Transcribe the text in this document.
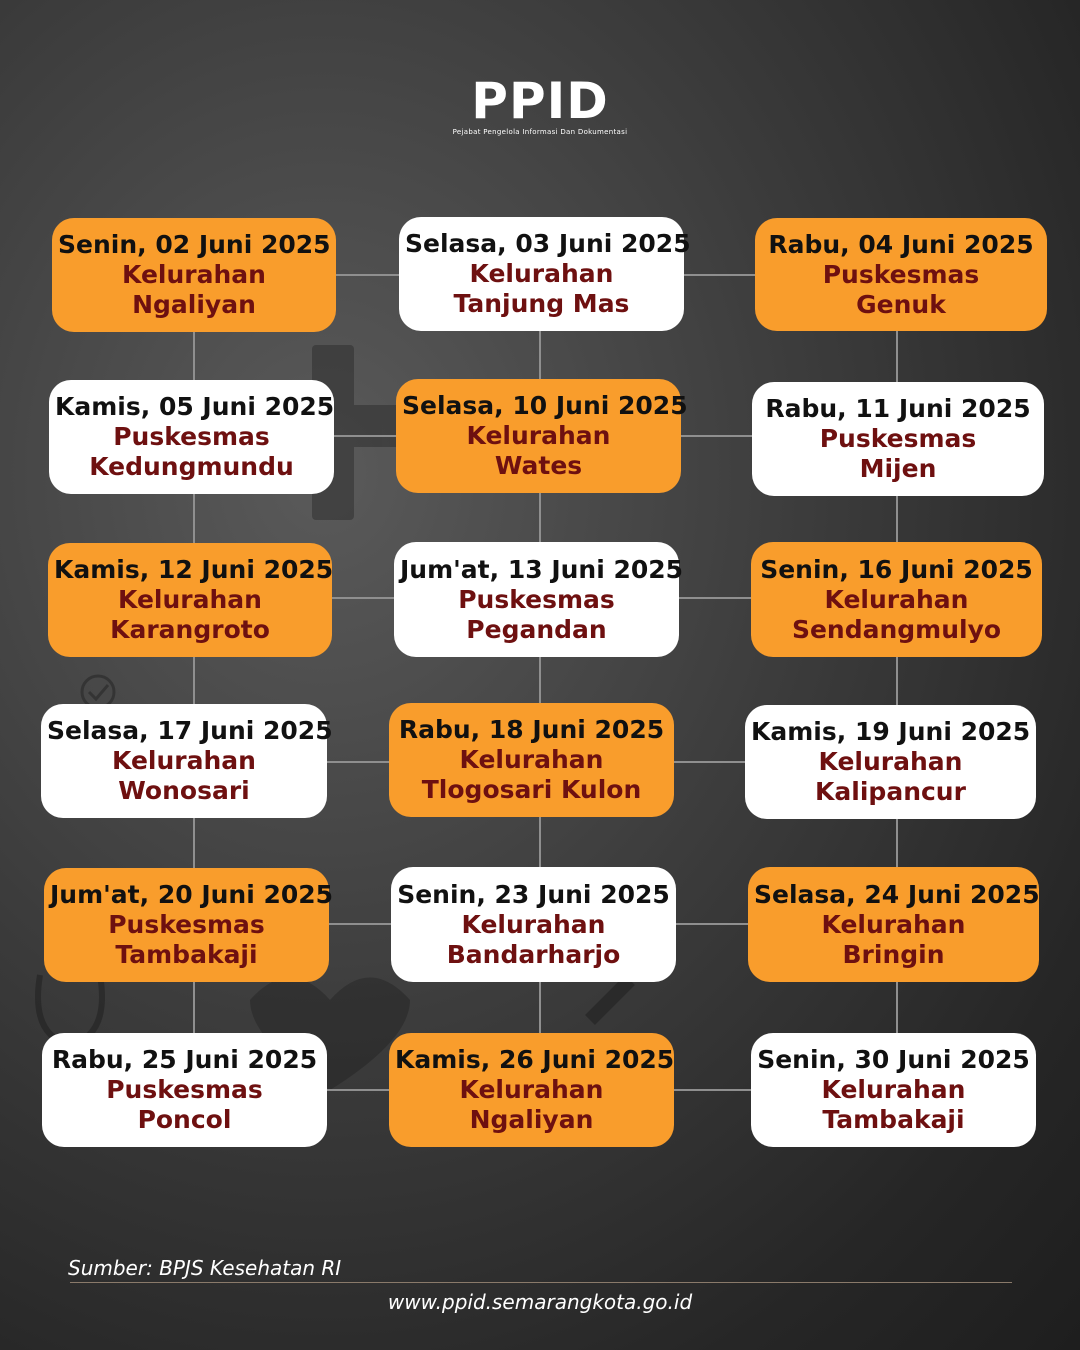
PPID
Pejabat Pengelola Informasi Dan Dokumentasi
Senin, 02 Juni 2025
Kelurahan
Ngaliyan
Selasa, 03 Juni 2025
Kelurahan
Tanjung Mas
Rabu, 04 Juni 2025
Puskesmas
Genuk
Kamis, 05 Juni 2025
Puskesmas
Kedungmundu
Selasa, 10 Juni 2025
Kelurahan
Wates
Rabu, 11 Juni 2025
Puskesmas
Mijen
Kamis, 12 Juni 2025
Kelurahan
Karangroto
Jum'at, 13 Juni 2025
Puskesmas
Pegandan
Senin, 16 Juni 2025
Kelurahan
Sendangmulyo
Selasa, 17 Juni 2025
Kelurahan
Wonosari
Rabu, 18 Juni 2025
Kelurahan
Tlogosari Kulon
Kamis, 19 Juni 2025
Kelurahan
Kalipancur
Jum'at, 20 Juni 2025
Puskesmas
Tambakaji
Senin, 23 Juni 2025
Kelurahan
Bandarharjo
Selasa, 24 Juni 2025
Kelurahan
Bringin
Rabu, 25 Juni 2025
Puskesmas
Poncol
Kamis, 26 Juni 2025
Kelurahan
Ngaliyan
Senin, 30 Juni 2025
Kelurahan
Tambakaji
Sumber: BPJS Kesehatan RI
www.ppid.semarangkota.go.id
